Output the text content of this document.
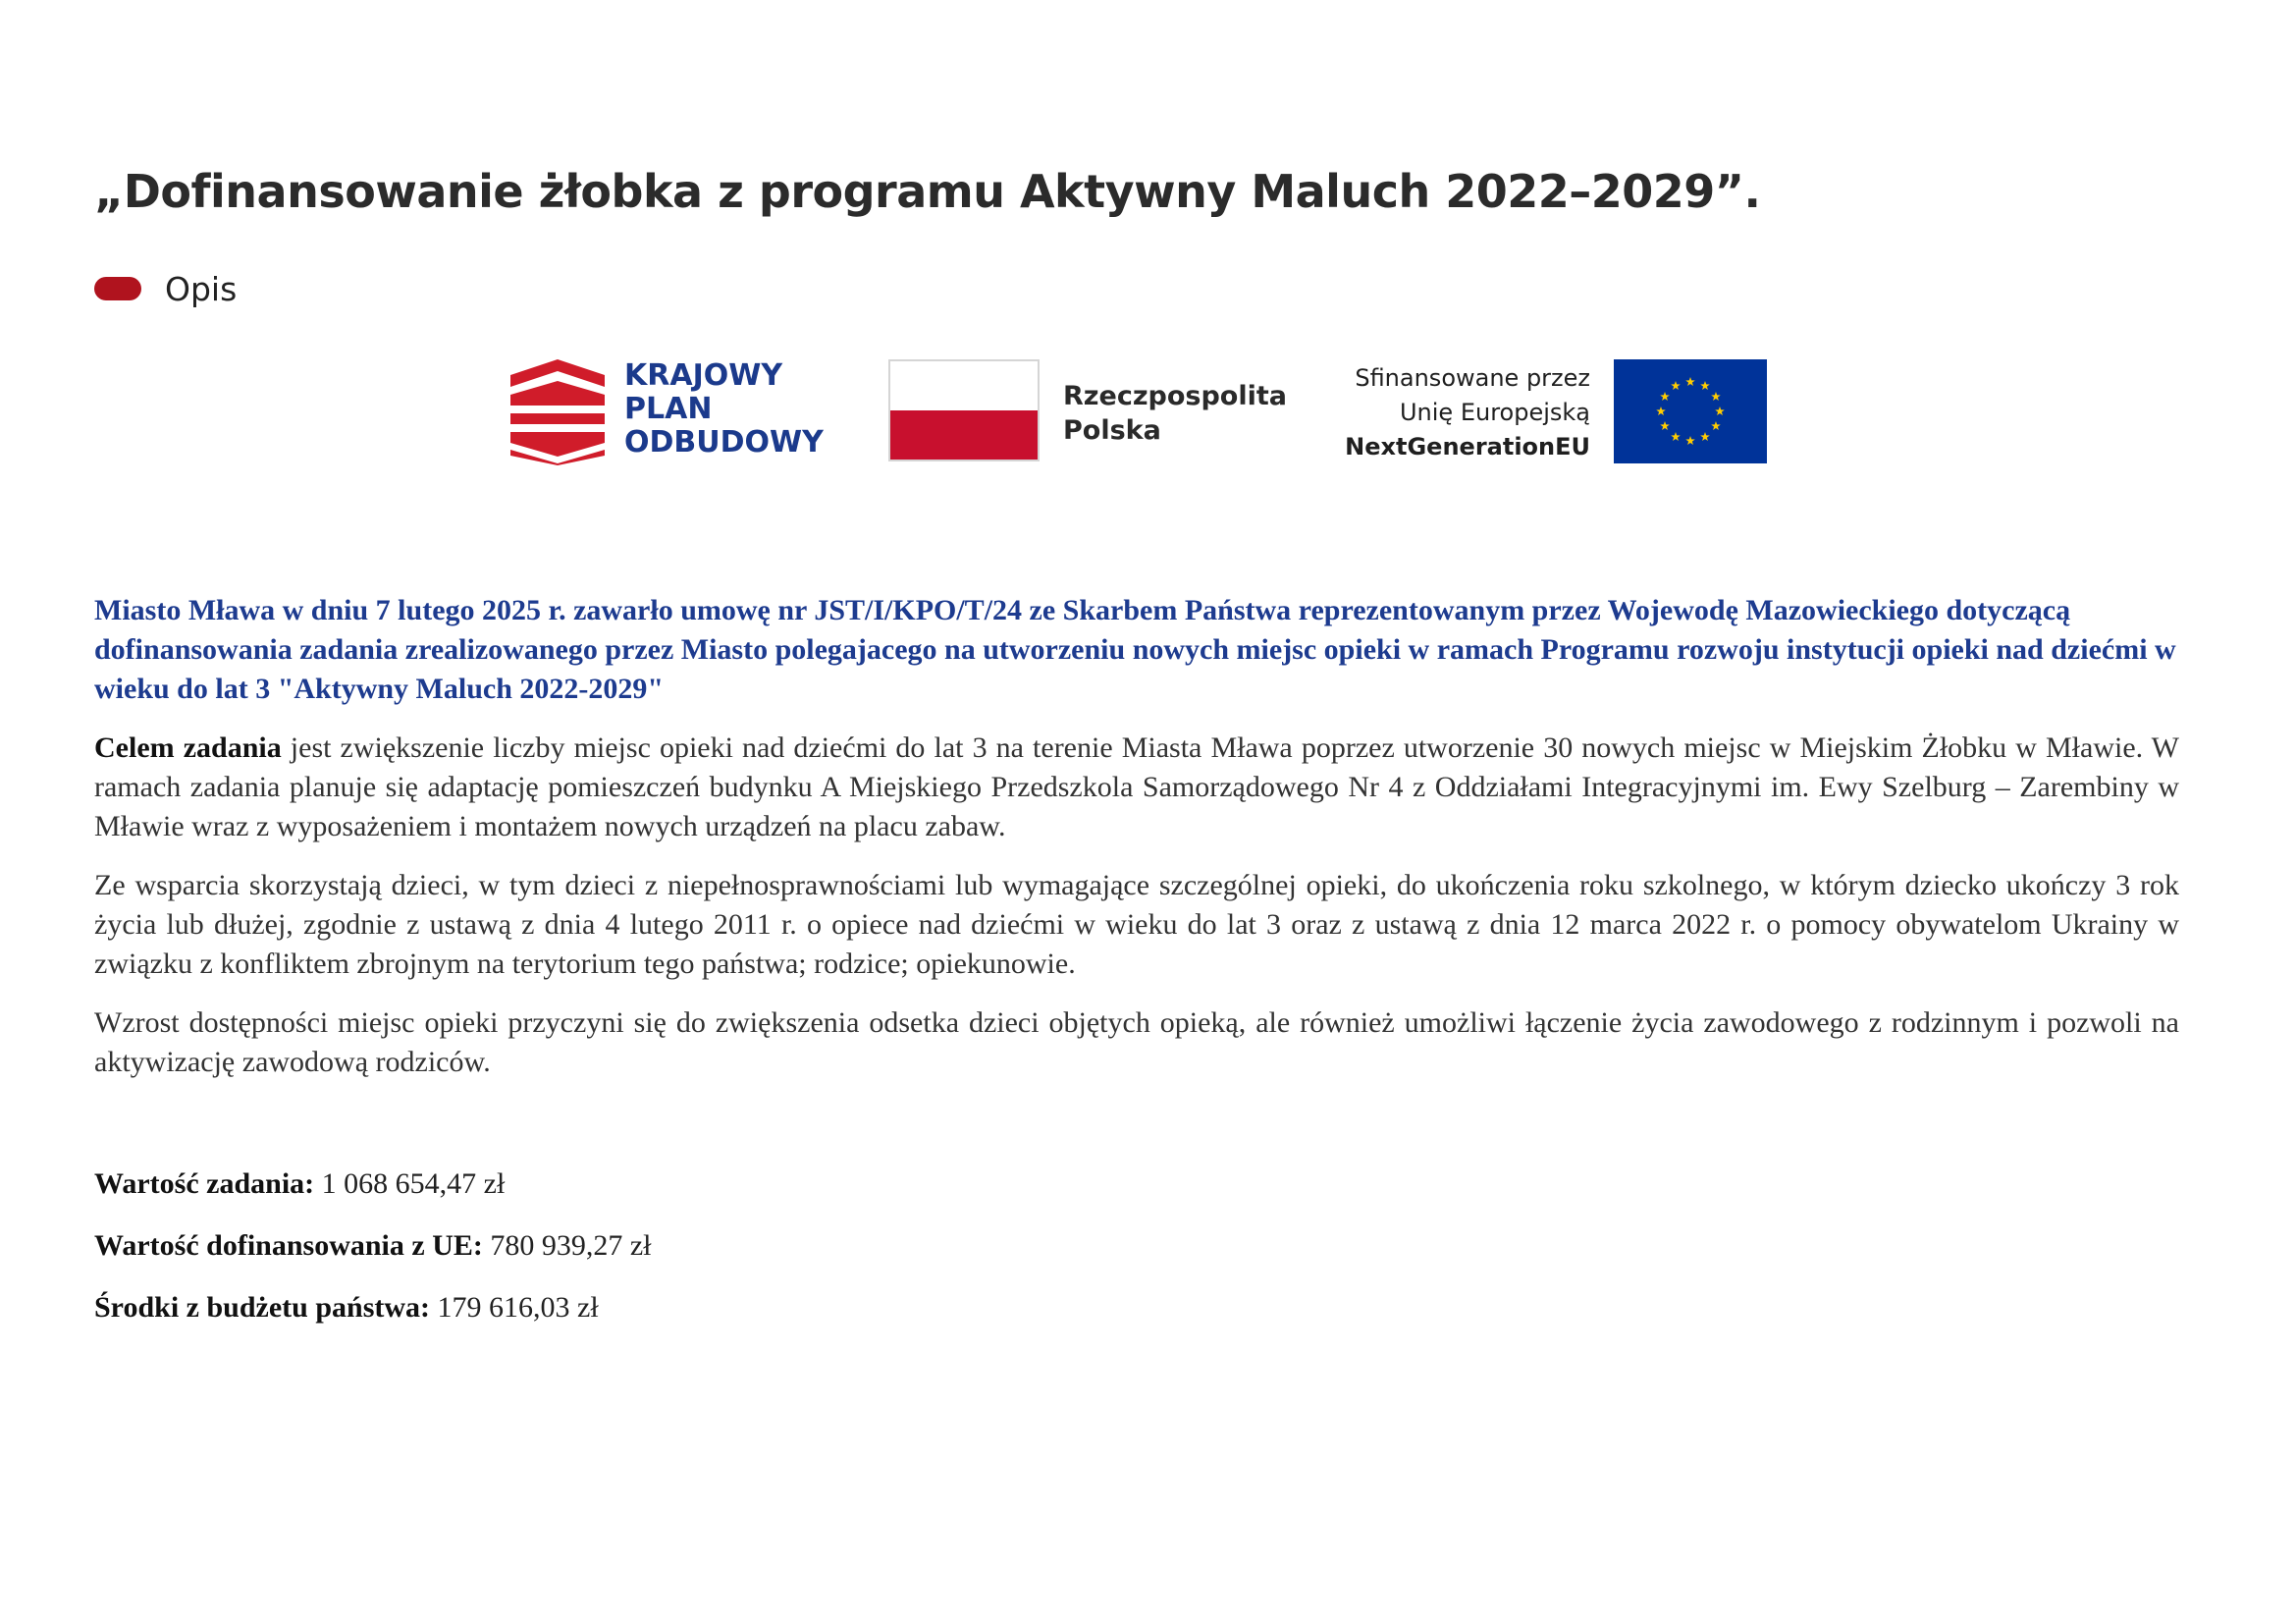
„Dofinansowanie żłobka z programu Aktywny Maluch 2022–2029”.
Opis
KRAJOWY
PLAN
ODBUDOWY
Rzeczpospolita
Polska
Sfinansowane przez
Unię Europejską
NextGenerationEU

Miasto Mława w dniu 7 lutego 2025 r. zawarło umowę nr JST/I/KPO/T/24 ze Skarbem Państwa reprezentowanym przez Wojewodę Mazowieckiego dotyczącą dofinansowania zadania zrealizowanego przez Miasto polegajacego na utworzeniu nowych miejsc opieki w ramach Programu rozwoju instytucji opieki nad dziećmi w wieku do lat 3 "Aktywny Maluch 2022-2029"

Celem zadania jest zwiększenie liczby miejsc opieki nad dziećmi do lat 3 na terenie Miasta Mława poprzez utworzenie 30 nowych miejsc w Miejskim Żłobku w Mławie. W ramach zadania planuje się adaptację pomieszczeń budynku A Miejskiego Przedszkola Samorządowego Nr 4 z Oddziałami Integracyjnymi im. Ewy Szelburg – Zarembiny w Mławie wraz z wyposażeniem i montażem nowych urządzeń na placu zabaw.

Ze wsparcia skorzystają dzieci, w tym dzieci z niepełnosprawnościami lub wymagające szczególnej opieki, do ukończenia roku szkolnego, w którym dziecko ukończy 3 rok życia lub dłużej, zgodnie z ustawą z dnia 4 lutego 2011 r. o opiece nad dziećmi w wieku do lat 3 oraz z ustawą z dnia 12 marca 2022 r. o pomocy obywatelom Ukrainy w związku z konfliktem zbrojnym na terytorium tego państwa; rodzice; opiekunowie.

Wzrost dostępności miejsc opieki przyczyni się do zwiększenia odsetka dzieci objętych opieką, ale również umożliwi łączenie życia zawodowego z rodzinnym i pozwoli na aktywizację zawodową rodziców.

Wartość zadania: 1 068 654,47 zł

Wartość dofinansowania z UE: 780 939,27 zł

Środki z budżetu państwa: 179 616,03 zł
